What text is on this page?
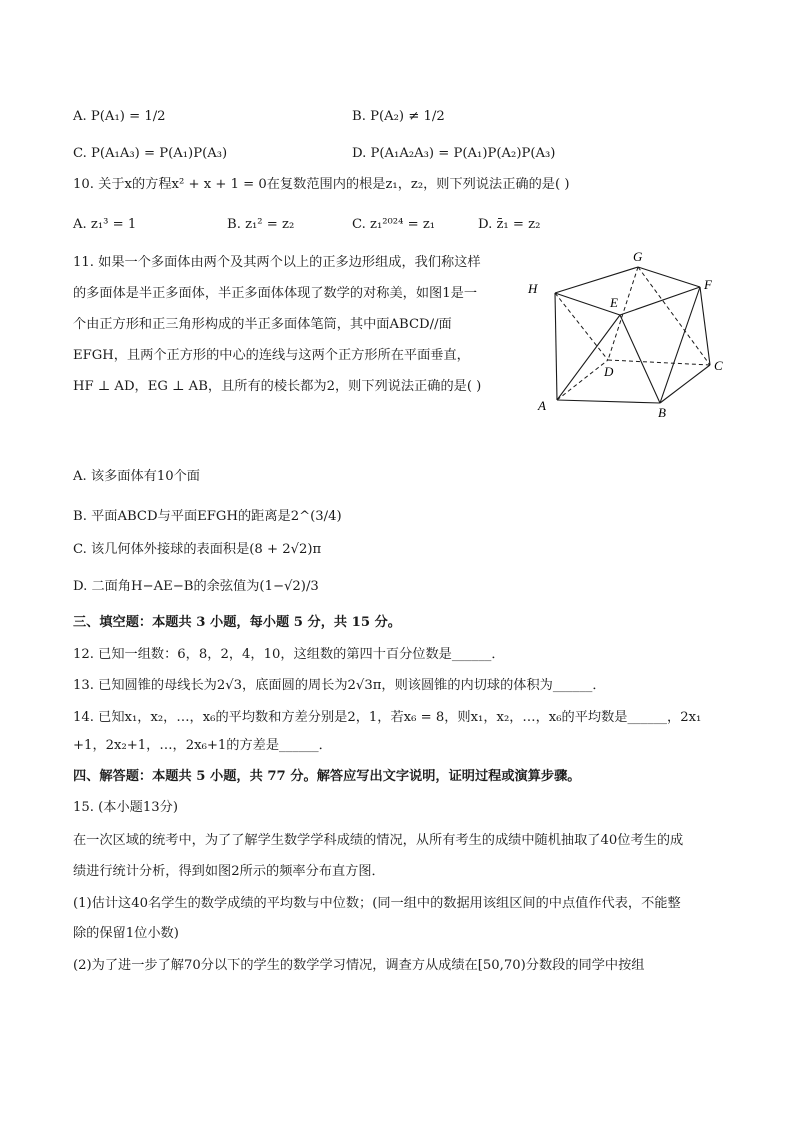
A. P(A₁) = 1/2	B. P(A₂) ≠ 1/2
C. P(A₁A₃) = P(A₁)P(A₃)	D. P(A₁A₂A₃) = P(A₁)P(A₂)P(A₃)
10. 关于x的方程x² + x + 1 = 0在复数范围内的根是z₁，z₂，则下列说法正确的是( )
A. z₁³ = 1	B. z₁² = z₂	C. z₁²⁰²⁴ = z₁	D. z̄₁ = z₂
11. 如果一个多面体由两个及其两个以上的正多边形组成，我们称这样
的多面体是半正多面体，半正多面体体现了数学的对称美，如图1是一
个由正方形和正三角形构成的半正多面体笔筒，其中面ABCD//面
EFGH，且两个正方形的中心的连线与这两个正方形所在平面垂直，
HF ⊥ AD，EG ⊥ AB，且所有的棱长都为2，则下列说法正确的是( )
G
H	F
E
D	C
A	B
A. 该多面体有10个面
B. 平面ABCD与平面EFGH的距离是2^(3/4)
C. 该几何体外接球的表面积是(8 + 2√2)π
D. 二面角H−AE−B的余弦值为(1−√2)/3
三、填空题：本题共 3 小题，每小题 5 分，共 15 分。
12. 已知一组数：6，8，2，4，10，这组数的第四十百分位数是______．
13. 已知圆锥的母线长为2√3，底面圆的周长为2√3π，则该圆锥的内切球的体积为______．
14. 已知x₁，x₂，…，x₆的平均数和方差分别是2，1，若x₆ = 8，则x₁，x₂，…，x₆的平均数是______，2x₁
+1，2x₂+1，…，2x₆+1的方差是______．
四、解答题：本题共 5 小题，共 77 分。解答应写出文字说明，证明过程或演算步骤。
15. (本小题13分)
在一次区域的统考中，为了了解学生数学学科成绩的情况，从所有考生的成绩中随机抽取了40位考生的成
绩进行统计分析，得到如图2所示的频率分布直方图．
(1)估计这40名学生的数学成绩的平均数与中位数；(同一组中的数据用该组区间的中点值作代表，不能整
除的保留1位小数)
(2)为了进一步了解70分以下的学生的数学学习情况，调查方从成绩在[50,70)分数段的同学中按组
